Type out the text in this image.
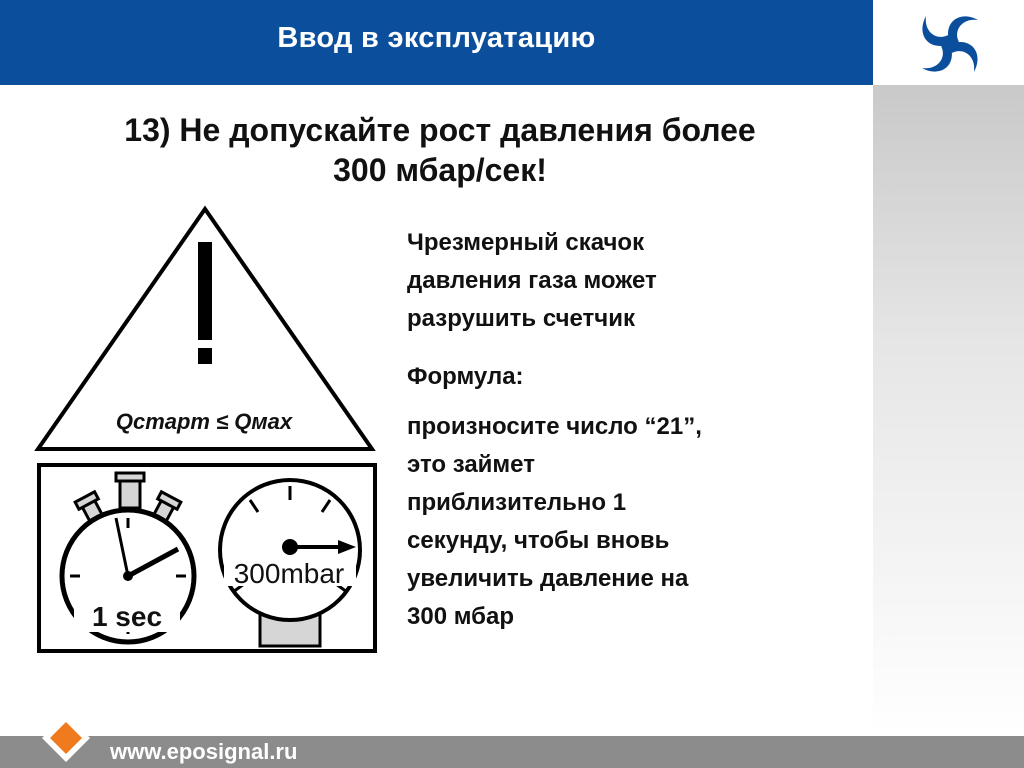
Ввод в эксплуатацию
13) Не допускайте рост давления более
300 мбар/сек!
Qстарт ≤ Qмах
1 sec
300mbar

Чрезмерный скачок

давления газа может

разрушить счетчик

Формула:

произносите число “21”,

это займет

приблизительно 1

секунду, чтобы вновь

увеличить давление на

300 мбар

www.eposignal.ru
